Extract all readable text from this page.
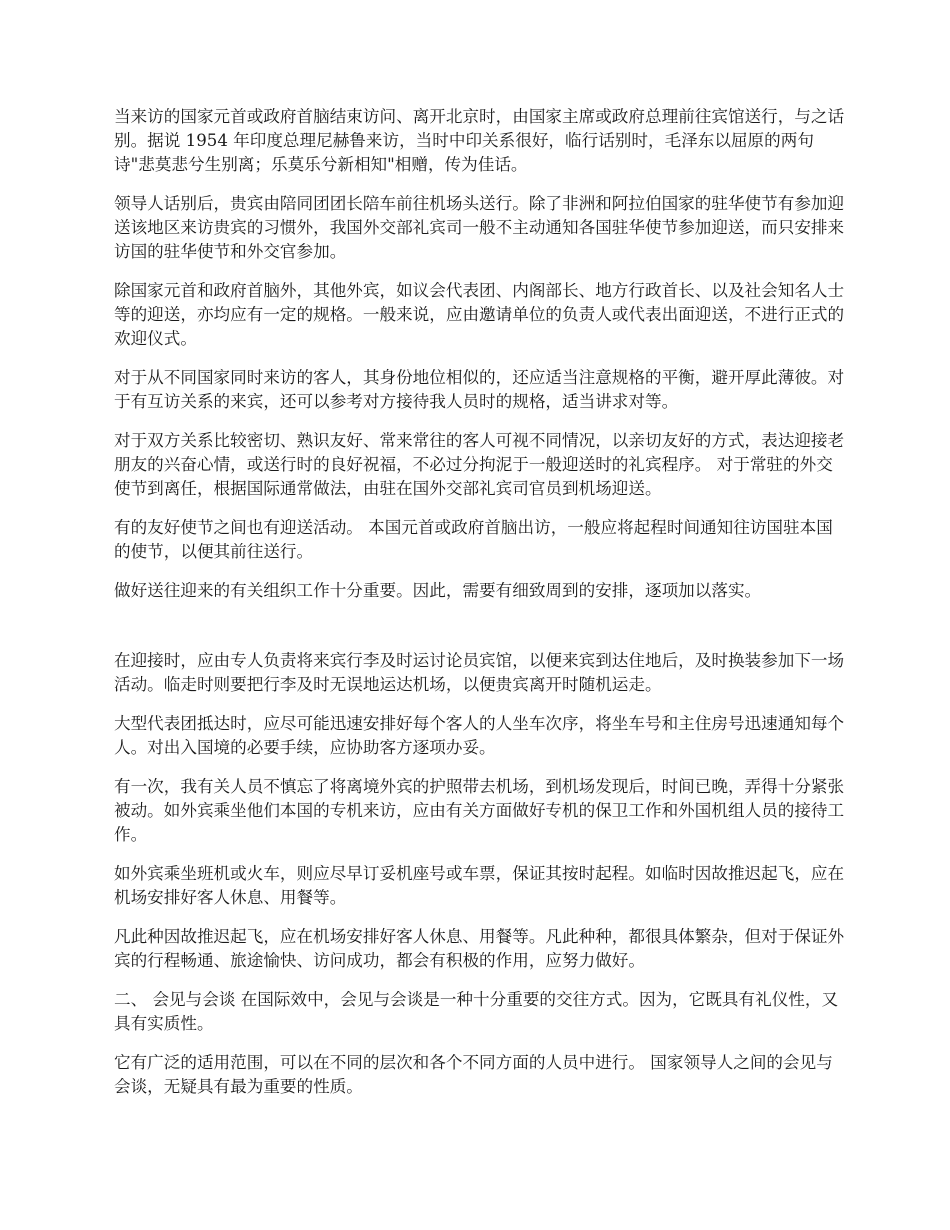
当来访的国家元首或政府首脑结束访问、离开北京时，由国家主席或政府总理前往宾馆送行，与之话别。据说 1954 年印度总理尼赫鲁来访，当时中印关系很好，临行话别时，毛泽东以屈原的两句诗"悲莫悲兮生别离；乐莫乐兮新相知"相赠，传为佳话。

领导人话别后，贵宾由陪同团团长陪车前往机场头送行。除了非洲和阿拉伯国家的驻华使节有参加迎送该地区来访贵宾的习惯外，我国外交部礼宾司一般不主动通知各国驻华使节参加迎送，而只安排来访国的驻华使节和外交官参加。

除国家元首和政府首脑外，其他外宾，如议会代表团、内阁部长、地方行政首长、以及社会知名人士等的迎送，亦均应有一定的规格。一般来说，应由邀请单位的负责人或代表出面迎送，不进行正式的欢迎仪式。

对于从不同国家同时来访的客人，其身份地位相似的，还应适当注意规格的平衡，避开厚此薄彼。对于有互访关系的来宾，还可以参考对方接待我人员时的规格，适当讲求对等。

对于双方关系比较密切、熟识友好、常来常往的客人可视不同情况，以亲切友好的方式，表达迎接老朋友的兴奋心情，或送行时的良好祝福，不必过分拘泥于一般迎送时的礼宾程序。 对于常驻的外交使节到离任，根据国际通常做法，由驻在国外交部礼宾司官员到机场迎送。

有的友好使节之间也有迎送活动。 本国元首或政府首脑出访，一般应将起程时间通知往访国驻本国的使节，以便其前往送行。

做好送往迎来的有关组织工作十分重要。因此，需要有细致周到的安排，逐项加以落实。

在迎接时，应由专人负责将来宾行李及时运讨论员宾馆，以便来宾到达住地后，及时换装参加下一场活动。临走时则要把行李及时无误地运达机场，以便贵宾离开时随机运走。

大型代表团抵达时，应尽可能迅速安排好每个客人的人坐车次序，将坐车号和主住房号迅速通知每个人。对出入国境的必要手续，应协助客方逐项办妥。

有一次，我有关人员不慎忘了将离境外宾的护照带去机场，到机场发现后，时间已晚，弄得十分紧张被动。如外宾乘坐他们本国的专机来访，应由有关方面做好专机的保卫工作和外国机组人员的接待工作。

如外宾乘坐班机或火车，则应尽早订妥机座号或车票，保证其按时起程。如临时因故推迟起飞，应在机场安排好客人休息、用餐等。

凡此种因故推迟起飞，应在机场安排好客人休息、用餐等。凡此种种，都很具体繁杂，但对于保证外宾的行程畅通、旅途愉快、访问成功，都会有积极的作用，应努力做好。

二、 会见与会谈 在国际效中，会见与会谈是一种十分重要的交往方式。因为，它既具有礼仪性，又具有实质性。

它有广泛的适用范围，可以在不同的层次和各个不同方面的人员中进行。 国家领导人之间的会见与会谈，无疑具有最为重要的性质。
